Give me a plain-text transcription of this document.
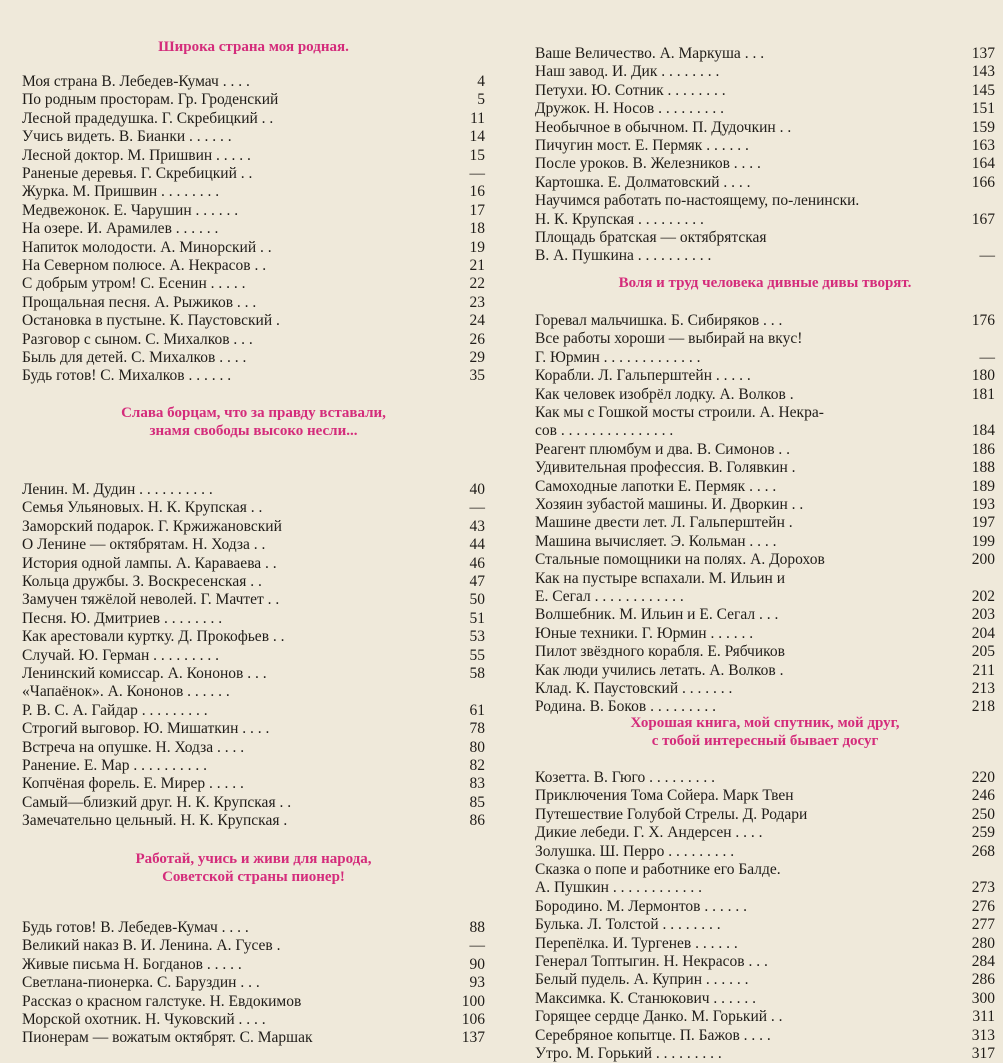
Широка страна моя родная.
Моя страна В. Лебедев-Кумач . . . .	4
По родным просторам. Гр. Гроденский	5
Лесной прадедушка. Г. Скребицкий . .	11
Учись видеть. В. Бианки . . . . . .	14
Лесной доктор. М. Пришвин . . . . .	15
Раненые деревья. Г. Скребицкий . .	—
Журка. М. Пришвин . . . . . . . .	16
Медвежонок. Е. Чарушин . . . . . .	17
На озере. И. Арамилев . . . . . .	18
Напиток молодости. А. Минорский . .	19
На Северном полюсе. А. Некрасов . .	21
С добрым утром! С. Есенин . . . . .	22
Прощальная песня. А. Рыжиков . . .	23
Остановка в пустыне. К. Паустовский .	24
Разговор с сыном. С. Михалков . . .	26
Быль для детей. С. Михалков . . . .	29
Будь готов! С. Михалков . . . . . .	35
Слава борцам, что за правду вставали,
знамя свободы высоко несли...
Ленин. М. Дудин . . . . . . . . . .	40
Семья Ульяновых. Н. К. Крупская . .	—
Заморский подарок. Г. Кржижановский	43
О Ленине — октябрятам. Н. Ходза . .	44
История одной лампы. А. Караваева . .	46
Кольца дружбы. З. Воскресенская . .	47
Замучен тяжёлой неволей. Г. Мачтет . .	50
Песня. Ю. Дмитриев . . . . . . . .	51
Как арестовали куртку. Д. Прокофьев . .	53
Случай. Ю. Герман . . . . . . . . .	55
Ленинский комиссар. А. Кононов . . .	58
«Чапаёнок». А. Кононов . . . . . .
Р. В. С. А. Гайдар . . . . . . . . .	61
Строгий выговор. Ю. Мишаткин . . . .	78
Встреча на опушке. Н. Ходза . . . .	80
Ранение. Е. Мар . . . . . . . . . .	82
Копчёная форель. Е. Мирер . . . . .	83
Самый—близкий друг. Н. К. Крупская . .	85
Замечательно цельный. Н. К. Крупская .	86
Работай, учись и живи для народа,
Советской страны пионер!
Будь готов! В. Лебедев-Кумач . . . .	88
Великий наказ В. И. Ленина. А. Гусев .	—
Живые письма Н. Богданов . . . . .	90
Светлана-пионерка. С. Баруздин . . .	93
Рассказ о красном галстуке. Н. Евдокимов	100
Морской охотник. Н. Чуковский . . . .	106
Пионерам — вожатым октябрят. С. Маршак	137
Ваше Величество. А. Маркуша . . .	137
Наш завод. И. Дик . . . . . . . .	143
Петухи. Ю. Сотник . . . . . . . .	145
Дружок. Н. Носов . . . . . . . . .	151
Необычное в обычном. П. Дудочкин . .	159
Пичугин мост. Е. Пермяк . . . . . .	163
После уроков. В. Железников . . . .	164
Картошка. Е. Долматовский . . . .	166
Научимся работать по-настоящему, по-ленински.
Н. К. Крупская . . . . . . . . .	167
Площадь братская — октябрятская
В. А. Пушкина . . . . . . . . . .	—
Воля и труд человека дивные дивы творят.
Горевал мальчишка. Б. Сибиряков . . .	176
Все работы хороши — выбирай на вкус!
Г. Юрмин . . . . . . . . . . . . .	—
Корабли. Л. Гальперштейн . . . . .	180
Как человек изобрёл лодку. А. Волков .	181
Как мы с Гошкой мосты строили. А. Некра-
сов . . . . . . . . . . . . . . .	184
Реагент плюмбум и два. В. Симонов . .	186
Удивительная профессия. В. Голявкин .	188
Самоходные лапотки Е. Пермяк . . . .	189
Хозяин зубастой машины. И. Дворкин . .	193
Машине двести лет. Л. Гальперштейн .	197
Машина вычисляет. Э. Кольман . . . .	199
Стальные помощники на полях. А. Дорохов	200
Как на пустыре вспахали. М. Ильин и
Е. Сегал . . . . . . . . . . . .	202
Волшебник. М. Ильин и Е. Сегал . . .	203
Юные техники. Г. Юрмин . . . . . .	204
Пилот звёздного корабля. Е. Рябчиков	205
Как люди учились летать. А. Волков .	211
Клад. К. Паустовский . . . . . . .	213
Родина. В. Боков . . . . . . . . .	218
Хорошая книга, мой спутник, мой друг,
с тобой интересный бывает досуг
Козетта. В. Гюго . . . . . . . . .	220
Приключения Тома Сойера. Марк Твен	246
Путешествие Голубой Стрелы. Д. Родари	250
Дикие лебеди. Г. Х. Андерсен . . . .	259
Золушка. Ш. Перро . . . . . . . . .	268
Сказка о попе и работнике его Балде.
А. Пушкин . . . . . . . . . . . .	273
Бородино. М. Лермонтов . . . . . .	276
Булька. Л. Толстой . . . . . . . .	277
Перепёлка. И. Тургенев . . . . . .	280
Генерал Топтыгин. Н. Некрасов . . .	284
Белый пудель. А. Куприн . . . . . .	286
Максимка. К. Станюкович . . . . . .	300
Горящее сердце Данко. М. Горький . .	311
Серебряное копытце. П. Бажов . . . .	313
Утро. М. Горький . . . . . . . . .	317
